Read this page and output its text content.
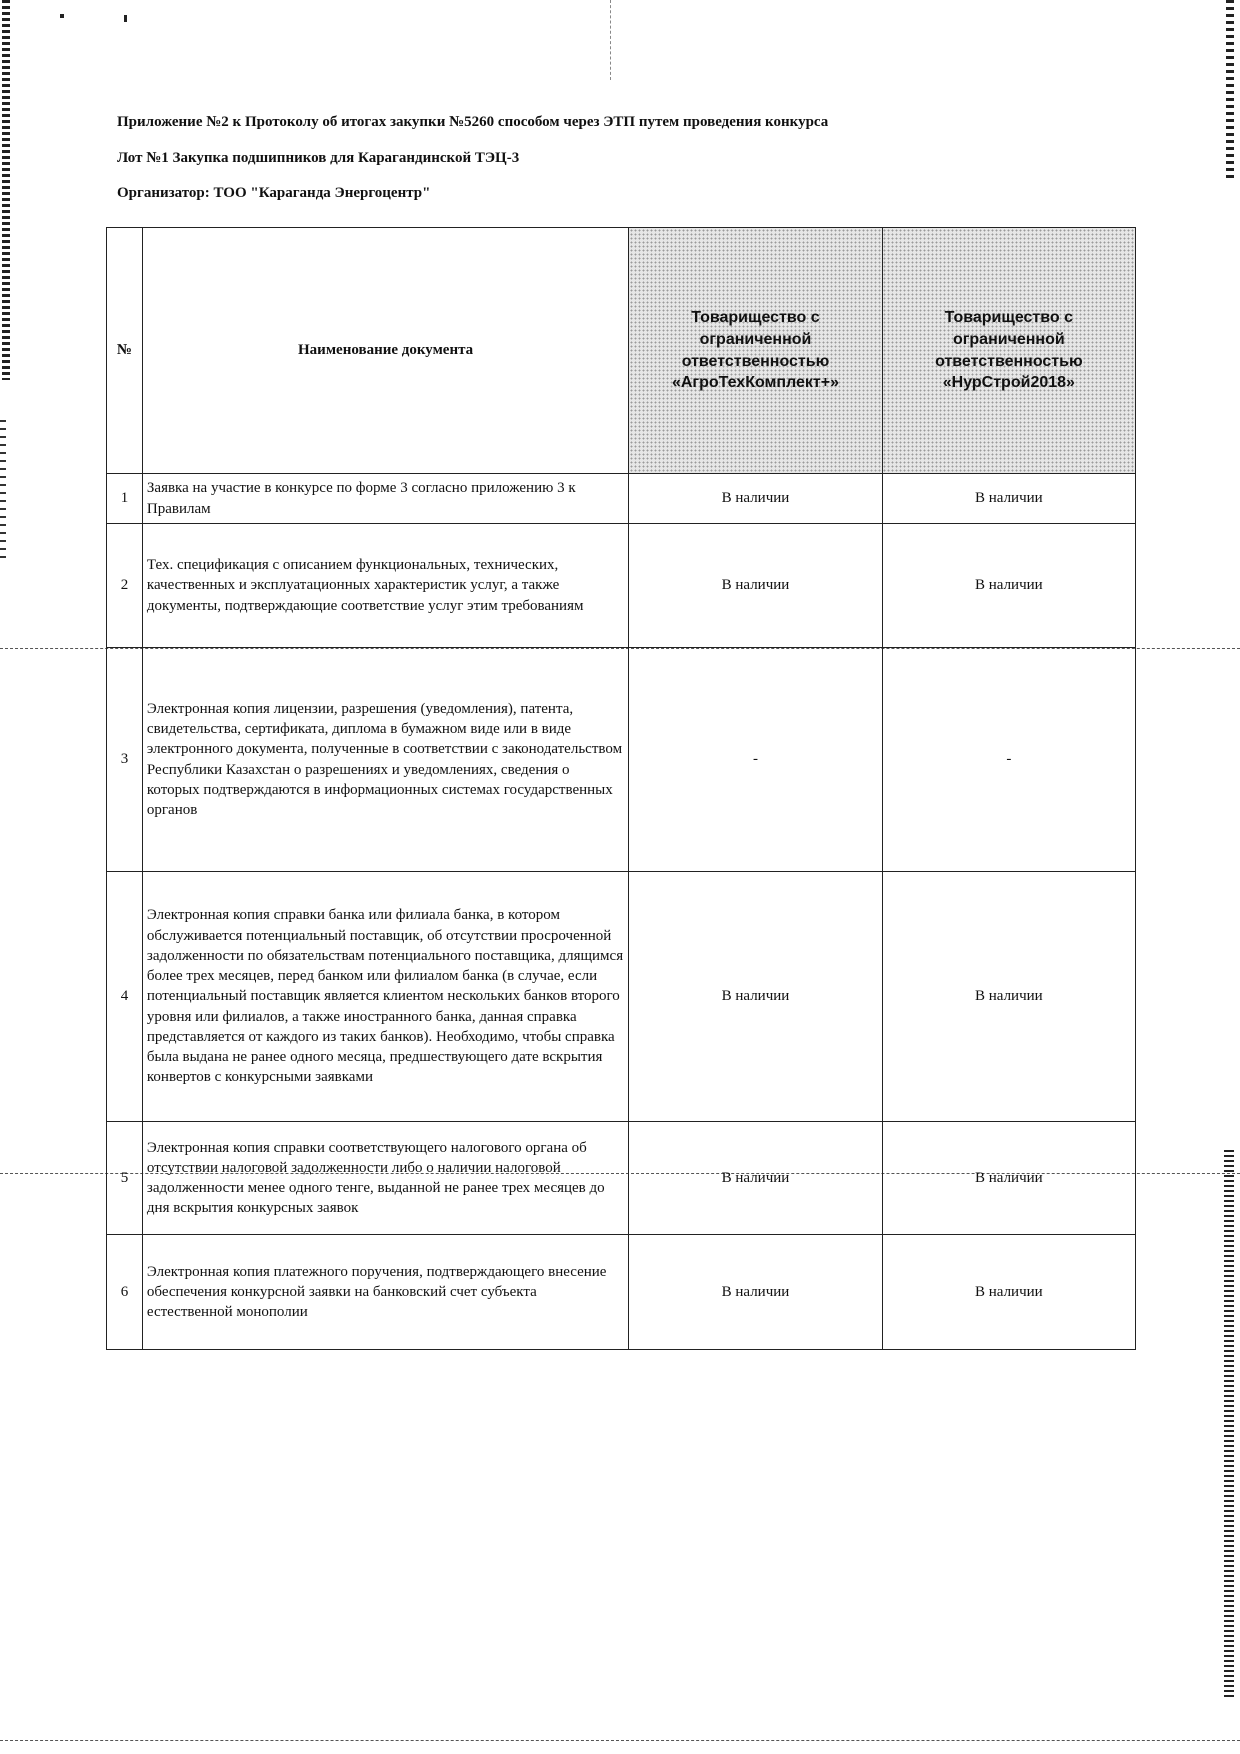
Приложение №2 к Протоколу об итогах закупки №5260 способом через ЭТП путем проведения конкурса
Лот №1 Закупка подшипников для Карагандинской ТЭЦ-3
Организатор: ТОО "Караганда Энергоцентр"
№	Наименование документа	Товарищество с ограниченной ответственностью «АгроТехКомплект+»	Товарищество с ограниченной ответственностью «НурСтрой2018»
1	Заявка на участие в конкурсе по форме 3 согласно приложению 3 к Правилам	В наличии	В наличии
2	Тех. спецификация с описанием функциональных, технических, качественных и эксплуатационных характеристик услуг, а также документы, подтверждающие соответствие услуг этим требованиям	В наличии	В наличии
3	Электронная копия лицензии, разрешения (уведомления), патента, свидетельства, сертификата, диплома в бумажном виде или в виде электронного документа, полученные в соответствии с законодательством Республики Казахстан о разрешениях и уведомлениях, сведения о которых подтверждаются в информационных системах государственных органов	-	-
4	Электронная копия справки банка или филиала банка, в котором обслуживается потенциальный поставщик, об отсутствии просроченной задолженности по обязательствам потенциального поставщика, длящимся более трех месяцев, перед банком или филиалом банка (в случае, если потенциальный поставщик является клиентом нескольких банков второго уровня или филиалов, а также иностранного банка, данная справка представляется от каждого из таких банков). Необходимо, чтобы справка была выдана не ранее одного месяца, предшествующего дате вскрытия конвертов с конкурсными заявками	В наличии	В наличии
5	Электронная копия справки соответствующего налогового органа об отсутствии налоговой задолженности либо о наличии налоговой задолженности менее одного тенге, выданной не ранее трех месяцев до дня вскрытия конкурсных заявок	В наличии	В наличии
6	Электронная копия платежного поручения, подтверждающего внесение обеспечения конкурсной заявки на банковский счет субъекта естественной монополии	В наличии	В наличии
